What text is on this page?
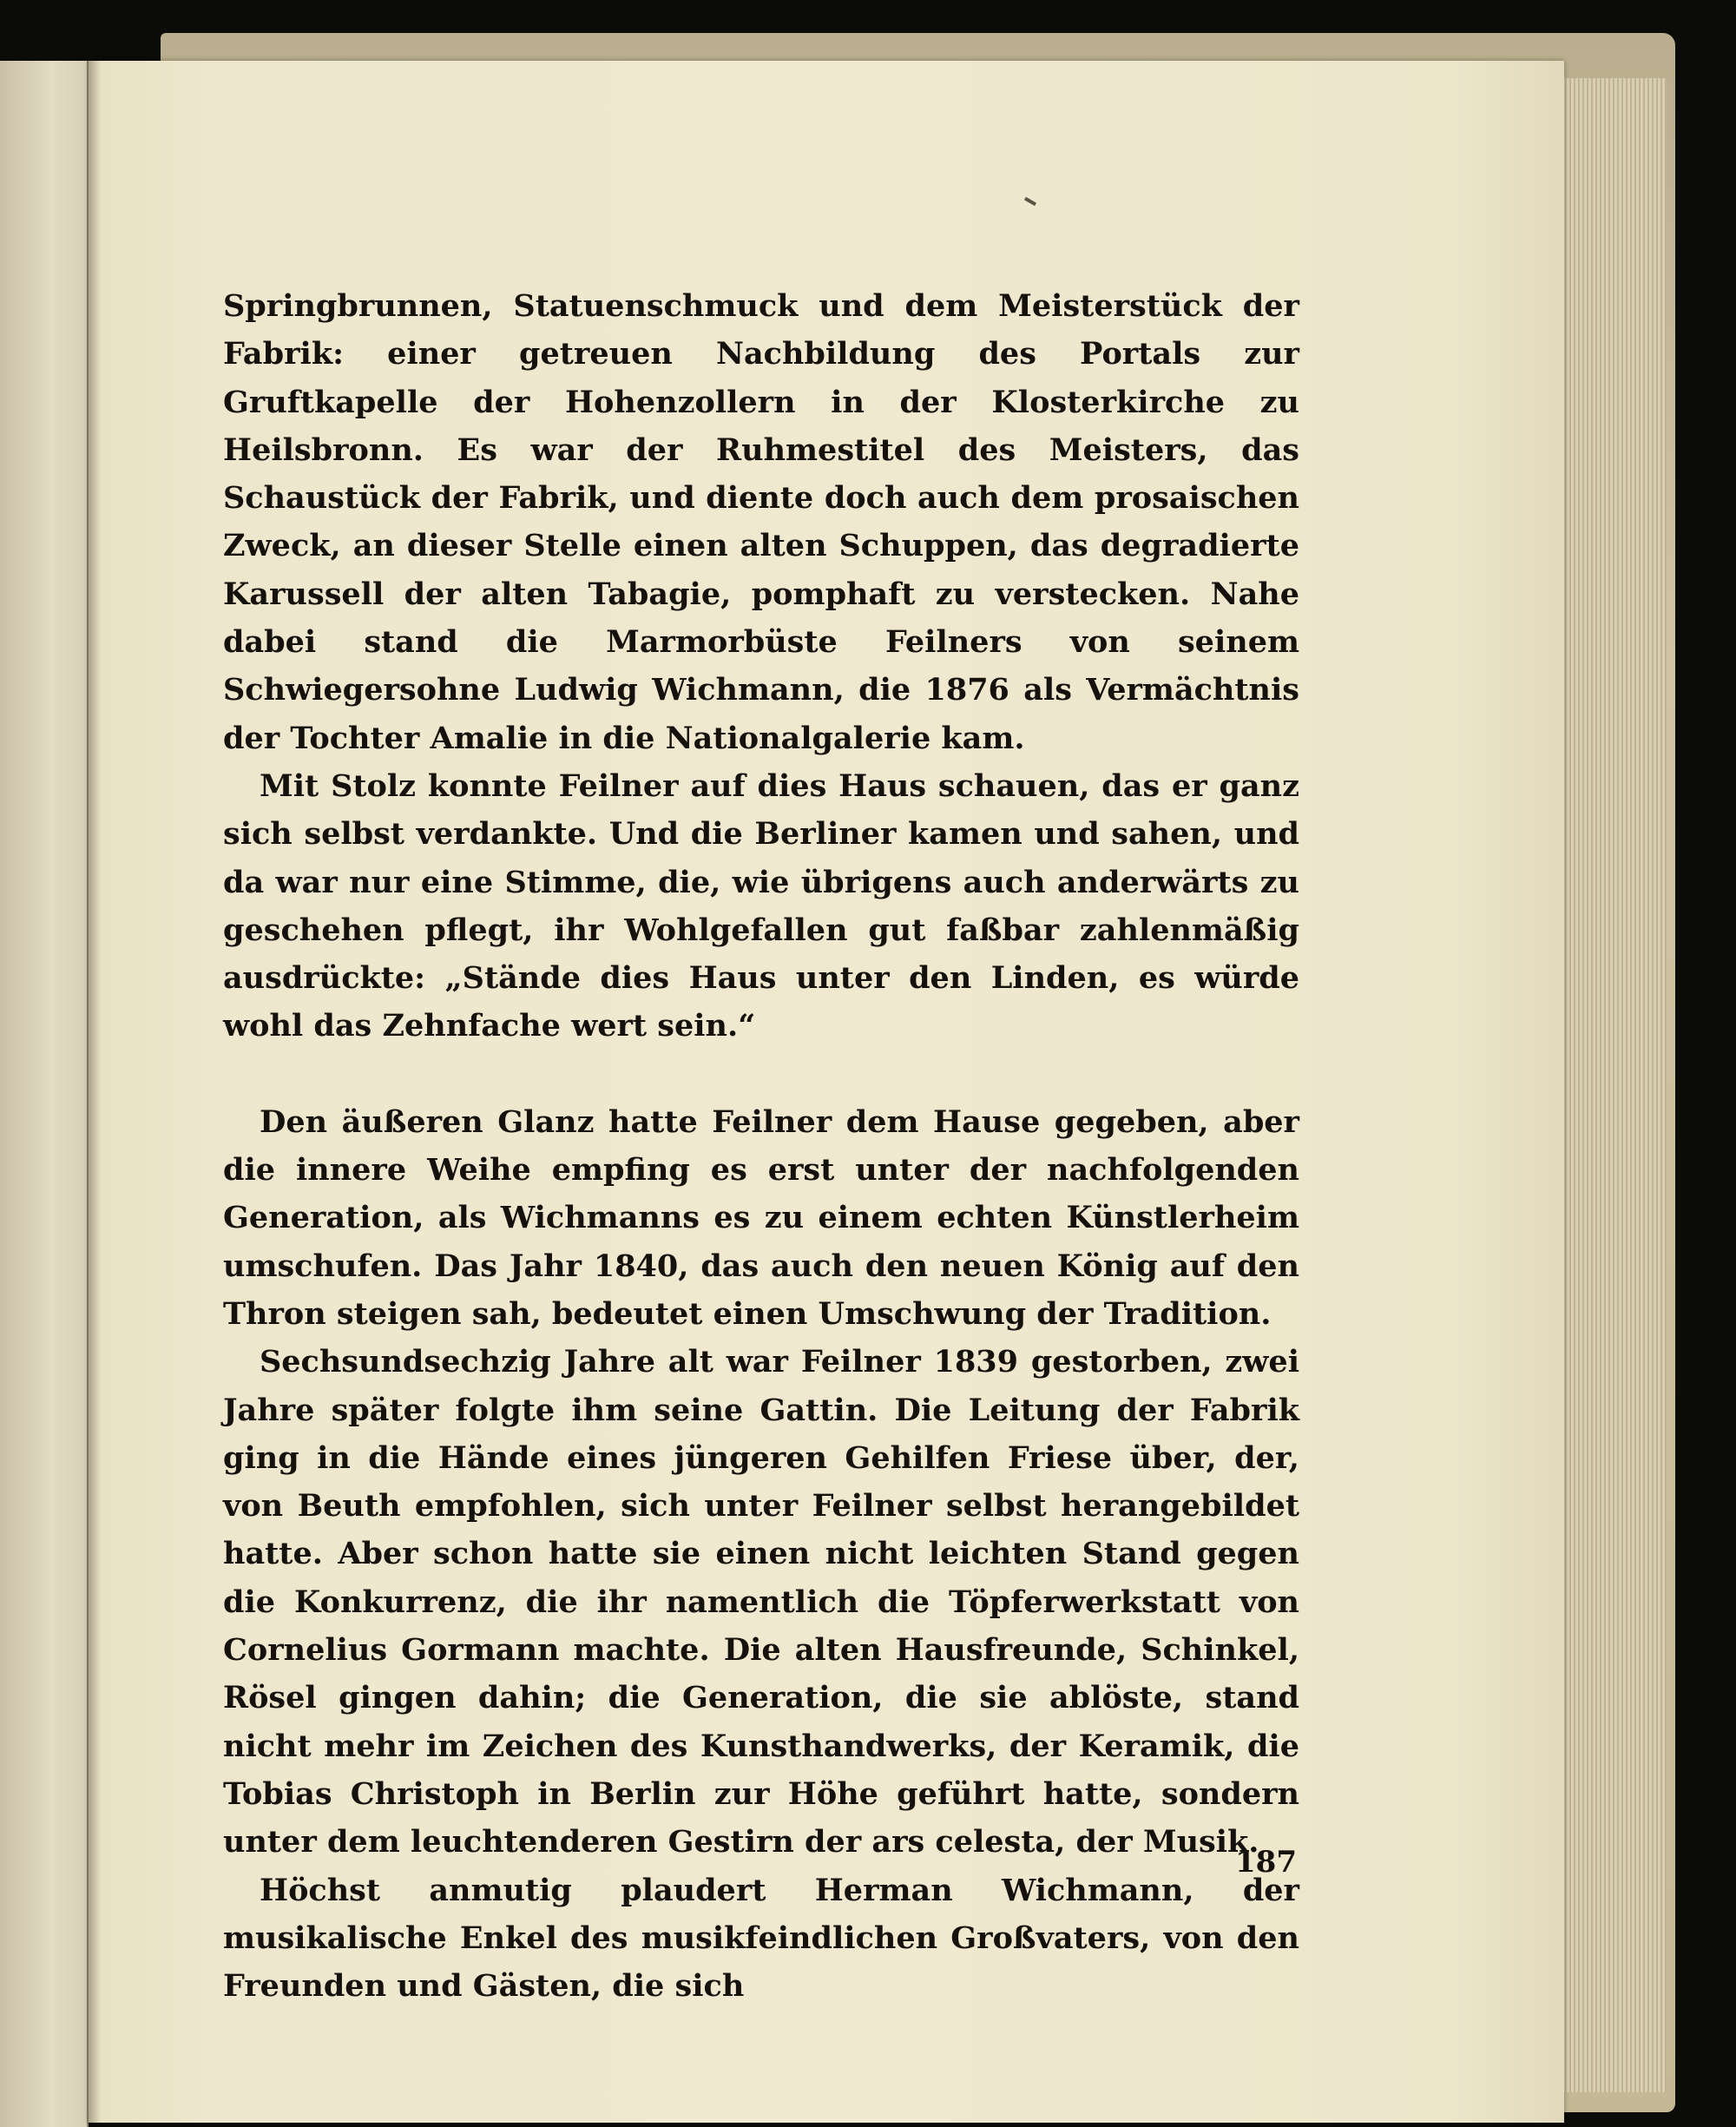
Springbrunnen, Statuenschmuck und dem Meisterstück der Fabrik: einer getreuen Nachbildung des Portals zur Gruftkapelle der Hohenzollern in der Klosterkirche zu Heilsbronn. Es war der Ruhmestitel des Meisters, das Schaustück der Fabrik, und diente doch auch dem prosaischen Zweck, an dieser Stelle einen alten Schuppen, das degradierte Karussell der alten Tabagie, pomphaft zu verstecken. Nahe dabei stand die Marmorbüste Feilners von seinem Schwiegersohne Ludwig Wichmann, die 1876 als Vermächtnis der Tochter Amalie in die Nationalgalerie kam.

Mit Stolz konnte Feilner auf dies Haus schauen, das er ganz sich selbst verdankte. Und die Berliner kamen und sahen, und da war nur eine Stimme, die, wie übrigens auch anderwärts zu geschehen pflegt, ihr Wohlgefallen gut faßbar zahlenmäßig ausdrückte: „Stände dies Haus unter den Linden, es würde wohl das Zehnfache wert sein.“

Den äußeren Glanz hatte Feilner dem Hause gegeben, aber die innere Weihe empfing es erst unter der nachfolgenden Generation, als Wichmanns es zu einem echten Künstlerheim umschufen. Das Jahr 1840, das auch den neuen König auf den Thron steigen sah, bedeutet einen Umschwung der Tradition.

Sechsundsechzig Jahre alt war Feilner 1839 gestorben, zwei Jahre später folgte ihm seine Gattin. Die Leitung der Fabrik ging in die Hände eines jüngeren Gehilfen Friese über, der, von Beuth empfohlen, sich unter Feilner selbst herangebildet hatte. Aber schon hatte sie einen nicht leichten Stand gegen die Konkurrenz, die ihr namentlich die Töpferwerkstatt von Cornelius Gormann machte. Die alten Hausfreunde, Schinkel, Rösel gingen dahin; die Generation, die sie ablöste, stand nicht mehr im Zeichen des Kunsthandwerks, der Keramik, die Tobias Christoph in Berlin zur Höhe geführt hatte, sondern unter dem leuchtenderen Gestirn der ars celesta, der Musik.

Höchst anmutig plaudert Herman Wichmann, der musikalische Enkel des musikfeindlichen Großvaters, von den Freunden und Gästen, die sich

187
